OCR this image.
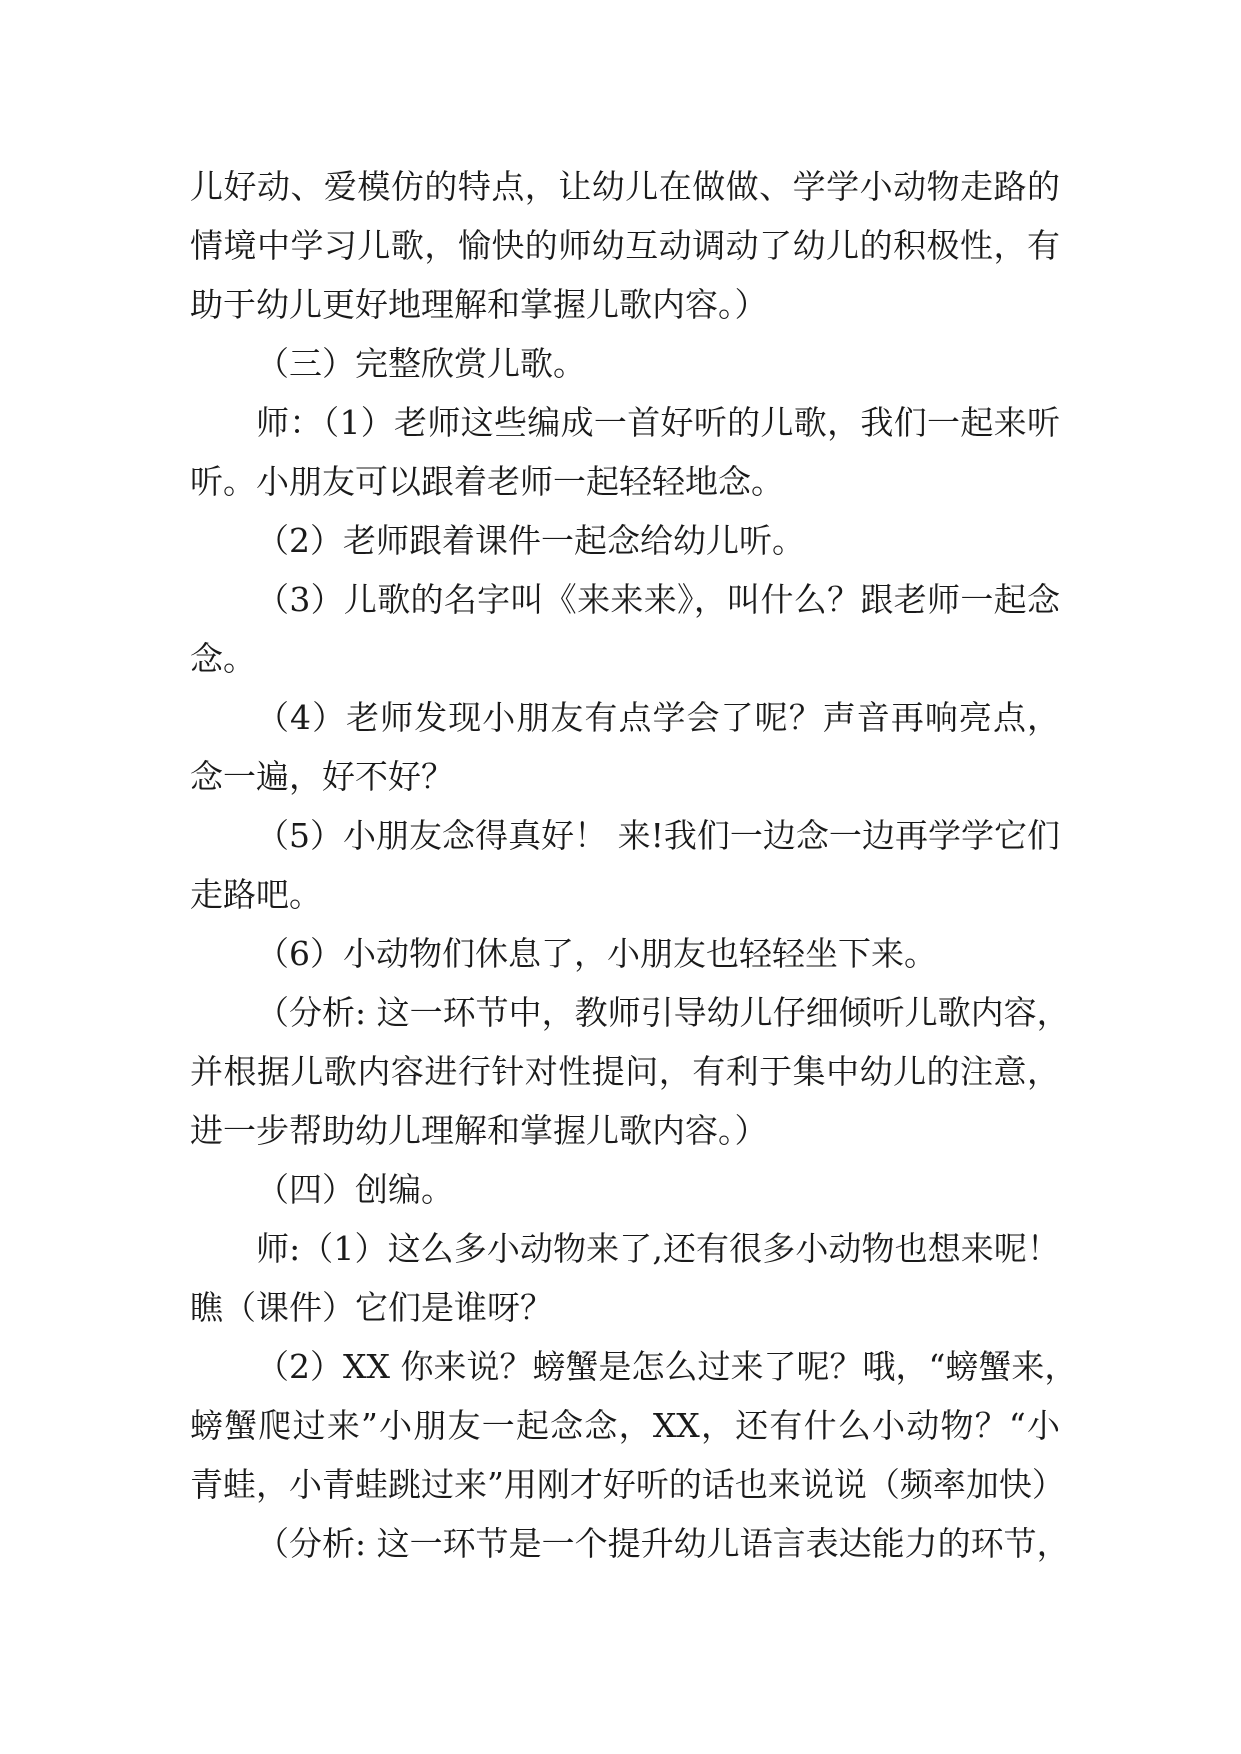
儿好动、爱模仿的特点，让幼儿在做做、学学小动物走路的
情境中学习儿歌，愉快的师幼互动调动了幼儿的积极性，有
助于幼儿更好地理解和掌握儿歌内容。）
（三）完整欣赏儿歌。
师：（1）老师这些编成一首好听的儿歌，我们一起来听
听。小朋友可以跟着老师一起轻轻地念。
（2）老师跟着课件一起念给幼儿听。
（3）儿歌的名字叫《来来来》，叫什么？跟老师一起念
念。
（4）老师发现小朋友有点学会了呢？声音再响亮点，
念一遍，好不好？
（5）小朋友念得真好！ 来!我们一边念一边再学学它们
走路吧。
（6）小动物们休息了，小朋友也轻轻坐下来。
（分析: 这一环节中，教师引导幼儿仔细倾听儿歌内容，
并根据儿歌内容进行针对性提问，有利于集中幼儿的注意，
进一步帮助幼儿理解和掌握儿歌内容。）
（四）创编。
师:（1）这么多小动物来了,还有很多小动物也想来呢！
瞧（课件）它们是谁呀？
（2）XX 你来说？螃蟹是怎么过来了呢？哦，“螃蟹来，
螃蟹爬过来”小朋友一起念念，XX，还有什么小动物？“小
青蛙，小青蛙跳过来”用刚才好听的话也来说说（频率加快）
（分析: 这一环节是一个提升幼儿语言表达能力的环节，
